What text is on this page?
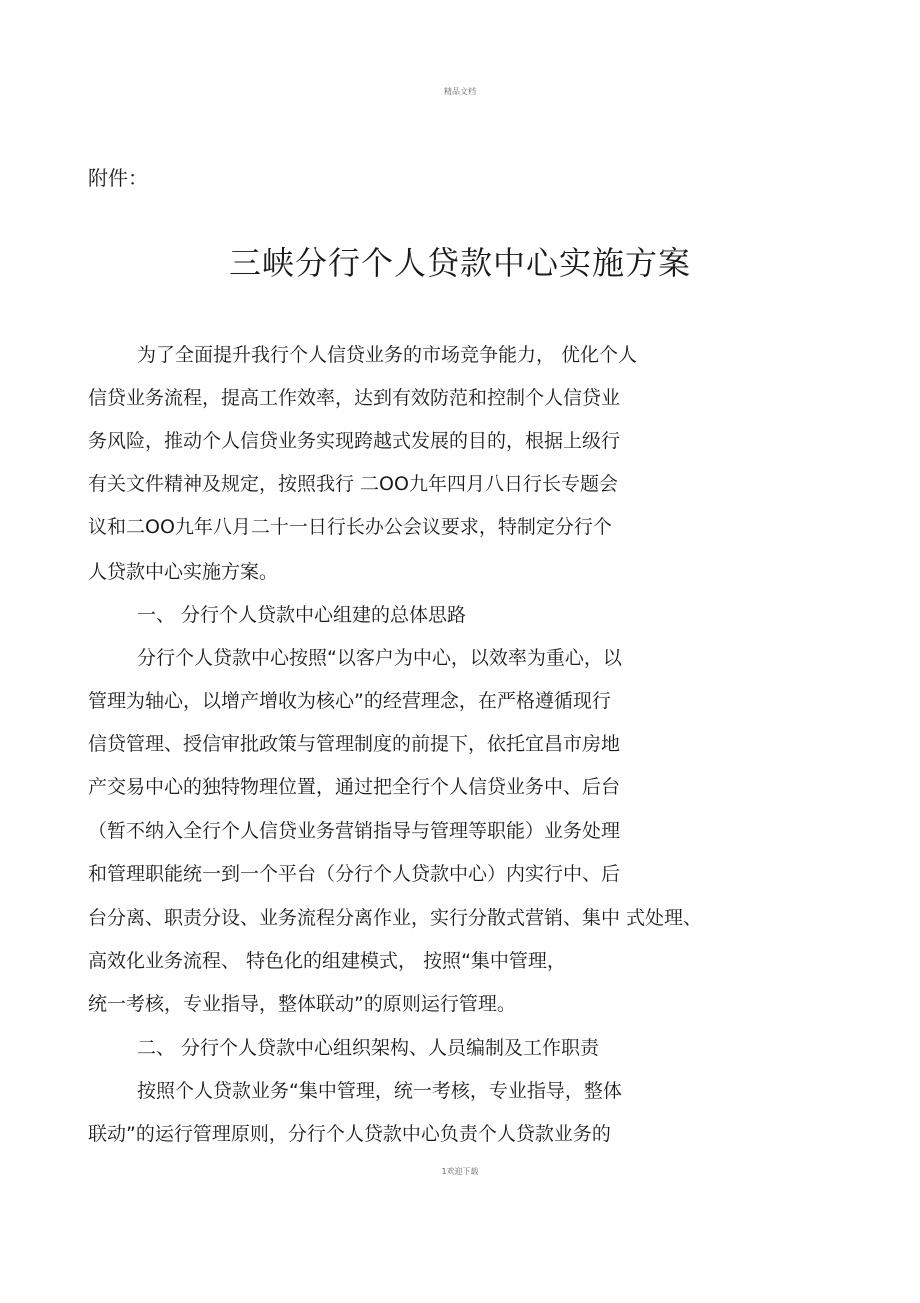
精品文档
附件：
三峡分行个人贷款中心实施方案
为了全面提升我行个人信贷业务的市场竞争能力， 优化个人
信贷业务流程，提高工作效率，达到有效防范和控制个人信贷业
务风险，推动个人信贷业务实现跨越式发展的目的，根据上级行
有关文件精神及规定，按照我行 二OO九年四月八日行长专题会
议和二OO九年八月二十一日行长办公会议要求，特制定分行个
人贷款中心实施方案。
一、 分行个人贷款中心组建的总体思路
分行个人贷款中心按照“以客户为中心，以效率为重心，以
管理为轴心，以增产增收为核心”的经营理念，在严格遵循现行
信贷管理、授信审批政策与管理制度的前提下，依托宜昌市房地
产交易中心的独特物理位置，通过把全行个人信贷业务中、后台
（暂不纳入全行个人信贷业务营销指导与管理等职能）业务处理
和管理职能统一到一个平台（分行个人贷款中心）内实行中、后
台分离、职责分设、业务流程分离作业，实行分散式营销、集中 式处理、
高效化业务流程、 特色化的组建模式， 按照“集中管理，
统一考核，专业指导，整体联动”的原则运行管理。
二、 分行个人贷款中心组织架构、人员编制及工作职责
按照个人贷款业务“集中管理，统一考核，专业指导，整体
联动”的运行管理原则，分行个人贷款中心负责个人贷款业务的
1欢迎下载
